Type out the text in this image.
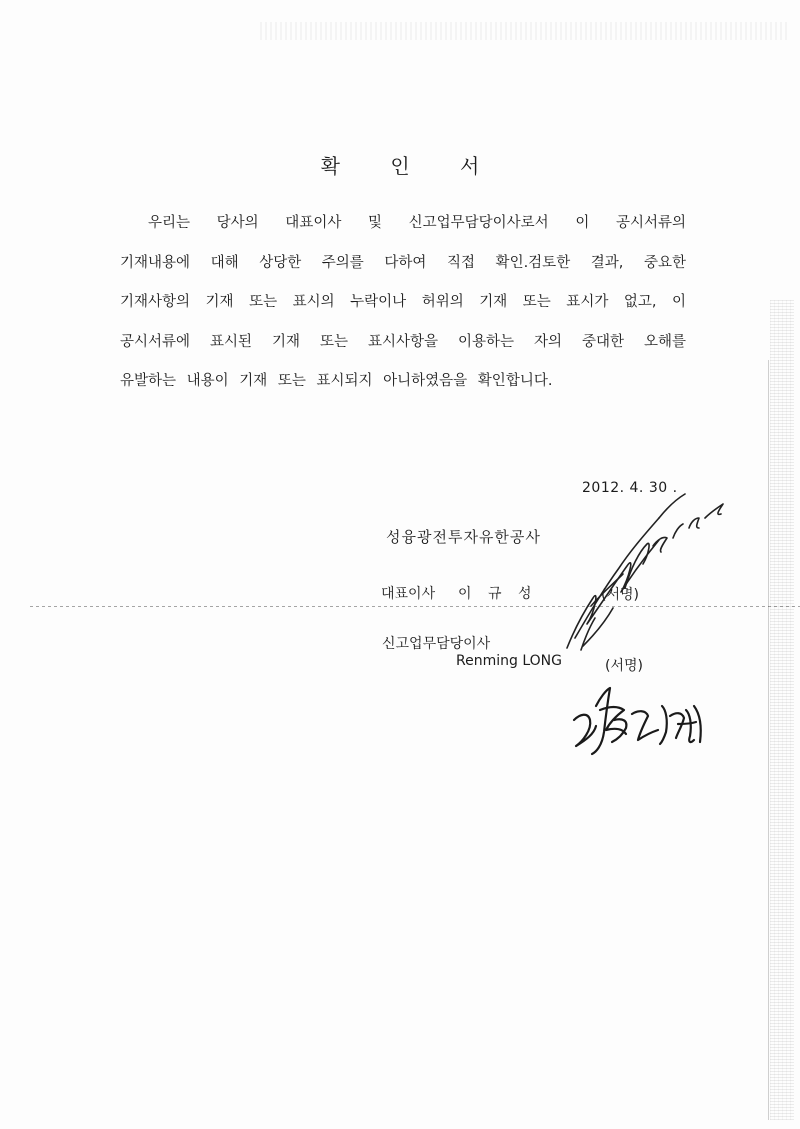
확 인 서
우리는 당사의 대표이사 및 신고업무담당이사로서 이 공시서류의
기재내용에 대해 상당한 주의를 다하여 직접 확인.검토한 결과, 중요한
기재사항의 기재 또는 표시의 누락이나 허위의 기재 또는 표시가 없고, 이
공시서류에 표시된 기재 또는 표시사항을 이용하는 자의 중대한 오해를
유발하는 내용이 기재 또는 표시되지 아니하였음을 확인합니다.
2012. 4. 30 .
성융광전투자유한공사
대표이사 이 규 성	(서명)
신고업무담당이사
Renming LONG	(서명)
